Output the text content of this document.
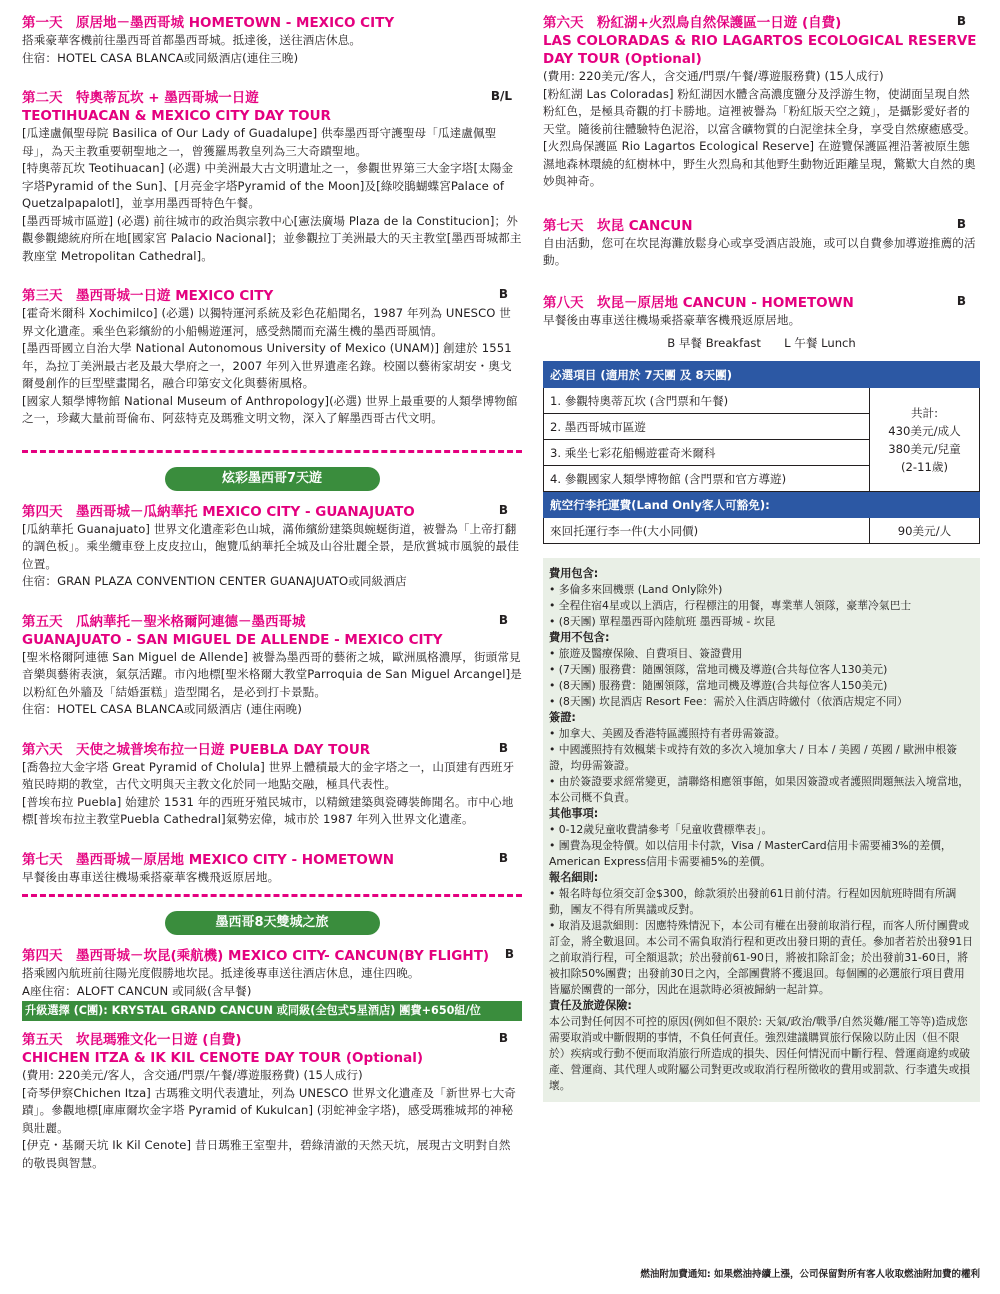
第一天　原居地－墨西哥城 HOMETOWN - MEXICO CITY

搭乘豪華客機前往墨西哥首都墨西哥城。抵達後，送往酒店休息。

住宿：HOTEL CASA BLANCA或同級酒店(連住三晚)

第二天　特奧蒂瓦坎 + 墨西哥城一日遊
TEOTIHUACAN & MEXICO CITY DAY TOUR
B/L

[瓜達盧佩聖母院 Basilica of Our Lady of Guadalupe] 供奉墨西哥守護聖母「瓜達盧佩聖母」，為天主教重要朝聖地之一，曾獲羅馬教皇列為三大奇蹟聖地。

[特奧蒂瓦坎 Teotihuacan] (必選) 中美洲最大古文明遺址之一，參觀世界第三大金字塔[太陽金字塔Pyramid of the Sun]、[月亮金字塔Pyramid of the Moon]及[綠咬鵑蝴蝶宮Palace of Quetzalpapalotl]，並享用墨西哥特色午餐。

[墨西哥城市區遊] (必選) 前往城市的政治與宗教中心[憲法廣場 Plaza de la Constitucion]；外觀參觀總統府所在地[國家宮 Palacio Nacional]；並參觀拉丁美洲最大的天主教堂[墨西哥城都主教座堂 Metropolitan Cathedral]。

第三天　墨西哥城一日遊 MEXICO CITY	B

[霍奇米爾科 Xochimilco] (必選) 以獨特運河系統及彩色花船聞名，1987 年列為 UNESCO 世界文化遺產。乘坐色彩繽紛的小船暢遊運河，感受熱鬧而充滿生機的墨西哥風情。

[墨西哥國立自治大學 National Autonomous University of Mexico (UNAM)] 創建於 1551 年，為拉丁美洲最古老及最大學府之一，2007 年列入世界遺產名錄。校園以藝術家胡安・奧戈爾曼創作的巨型壁畫聞名，融合印第安文化與藝術風格。

[國家人類學博物館 National Museum of Anthropology](必選) 世界上最重要的人類學博物館之一，珍藏大量前哥倫布、阿茲特克及瑪雅文明文物，深入了解墨西哥古代文明。

炫彩墨西哥7天遊
第四天　墨西哥城－瓜納華托 MEXICO CITY - GUANAJUATO	B

[瓜納華托 Guanajuato] 世界文化遺產彩色山城，滿佈繽紛建築與蜿蜒街道，被譽為「上帝打翻的調色板」。乘坐纜車登上皮皮拉山，飽覽瓜納華托全城及山谷壯麗全景，是欣賞城市風貌的最佳位置。

住宿：GRAN PLAZA CONVENTION CENTER GUANAJUATO或同級酒店

第五天　瓜納華托－聖米格爾阿連德－墨西哥城
GUANAJUATO - SAN MIGUEL DE ALLENDE - MEXICO CITY
B

[聖米格爾阿連德 San Miguel de Allende] 被譽為墨西哥的藝術之城，歐洲風格濃厚，街頭常見音樂與藝術表演，氣氛活躍。市內地標[聖米格爾大教堂Parroquia de San Miguel Arcangel]是以粉紅色外牆及「結婚蛋糕」造型聞名，是必到打卡景點。

住宿：HOTEL CASA BLANCA或同級酒店 (連住兩晚)

第六天　天使之城普埃布拉一日遊 PUEBLA DAY TOUR	B

[喬魯拉大金字塔 Great Pyramid of Cholula] 世界上體積最大的金字塔之一，山頂建有西班牙殖民時期的教堂，古代文明與天主教文化於同一地點交融，極具代表性。

[普埃布拉 Puebla] 始建於 1531 年的西班牙殖民城市，以精緻建築與瓷磚裝飾聞名。市中心地標[普埃布拉主教堂Puebla Cathedral]氣勢宏偉，城市於 1987 年列入世界文化遺產。

第七天　墨西哥城－原居地 MEXICO CITY - HOMETOWN	B

早餐後由專車送往機場乘搭豪華客機飛返原居地。

墨西哥8天雙城之旅
第四天　墨西哥城－坎昆(乘航機) MEXICO CITY- CANCUN(BY FLIGHT)	B

搭乘國內航班前往陽光度假勝地坎昆。抵達後專車送往酒店休息，連住四晚。

A座住宿：ALOFT CANCUN 或同級(含早餐)

升級選擇 (C團): KRYSTAL GRAND CANCUN 或同級(全包式5星酒店) 團費+650組/位
第五天　坎昆瑪雅文化一日遊 (自費)
CHICHEN ITZA & IK KIL CENOTE DAY TOUR (Optional)
B

(費用: 220美元/客人，含交通/門票/午餐/導遊服務費) (15人成行)

[奇琴伊察Chichen Itza] 古瑪雅文明代表遺址，列為 UNESCO 世界文化遺產及「新世界七大奇蹟」。參觀地標[庫庫爾坎金字塔 Pyramid of Kukulcan] (羽蛇神金字塔)，感受瑪雅城邦的神秘與壯麗。

[伊克・基爾天坑 Ik Kil Cenote] 昔日瑪雅王室聖井，碧綠清澈的天然天坑，展現古文明對自然的敬畏與智慧。

第六天　粉紅湖+火烈鳥自然保護區一日遊 (自費)
LAS COLORADAS & RIO LAGARTOS ECOLOGICAL RESERVE DAY TOUR (Optional)
B

(費用: 220美元/客人，含交通/門票/午餐/導遊服務費) (15人成行)

[粉紅湖 Las Coloradas] 粉紅湖因水體含高濃度鹽分及浮游生物，使湖面呈現自然粉紅色，是極具奇觀的打卡勝地。這裡被譽為「粉紅版天空之鏡」，是攝影愛好者的天堂。隨後前往體驗特色泥浴，以富含礦物質的白泥塗抹全身，享受自然療癒感受。

[火烈鳥保護區 Rio Lagartos Ecological Reserve] 在遊覽保護區裡沿著被原生態濕地森林環繞的紅樹林中，野生火烈鳥和其他野生動物近距離呈現，驚歎大自然的奧妙與神奇。

第七天　坎昆 CANCUN	B

自由活動，您可在坎昆海灘放鬆身心或享受酒店設施，或可以自費參加導遊推薦的活動。

第八天　坎昆－原居地 CANCUN - HOMETOWN	B

早餐後由專車送往機場乘搭豪華客機飛返原居地。

B 早餐 Breakfast　　L 午餐 Lunch
必選項目 (適用於 7天團 及 8天團)	
1. 參觀特奧蒂瓦坎 (含門票和午餐)	共計:
430美元/成人
380美元/兒童
(2-11歲)

2. 墨西哥城市區遊	
3. 乘坐七彩花船暢遊霍奇米爾科	
4. 參觀國家人類學博物館 (含門票和官方導遊)	
航空行李托運費(Land Only客人可豁免):	
來回托運行李一件(大小同價)	90美元/人
費用包含:

• 多倫多來回機票 (Land Only除外)

• 全程住宿4星或以上酒店，行程標注的用餐，專業華人領隊，豪華冷氣巴士

• (8天團) 單程墨西哥內陸航班 墨西哥城 - 坎昆

費用不包含:

• 旅遊及醫療保險、自費項目、簽證費用

• (7天團) 服務費：隨團領隊，當地司機及導遊(合共每位客人130美元)

• (8天團) 服務費：隨團領隊，當地司機及導遊(合共每位客人150美元)

• (8天團) 坎昆酒店 Resort Fee：需於入住酒店時繳付（依酒店規定不同）

簽證:

• 加拿大、美國及香港特區護照持有者毋需簽證。

• 中國護照持有效楓葉卡或持有效的多次入境加拿大 / 日本 / 美國 / 英國 / 歐洲申根簽證，均毋需簽證。

• 由於簽證要求經常變更，請聯絡相應領事館，如果因簽證或者護照問題無法入境當地，本公司概不負責。

其他事項:

• 0-12歲兒童收費請參考「兒童收費標準表」。

• 團費為現金特價。如以信用卡付款，Visa / MasterCard信用卡需要補3%的差價，American Express信用卡需要補5%的差價。

報名細則:

• 報名時每位須交訂金$300，餘款須於出發前61日前付清。行程如因航班時間有所調動，團友不得有所異議或反對。

• 取消及退款細則：因應特殊情況下，本公司有權在出發前取消行程，而客人所付團費或訂金，將全數退回。本公司不需負取消行程和更改出發日期的責任。參加者若於出發91日之前取消行程，可全額退款；於出發前61-90日，將被扣除訂金；於出發前31-60日，將被扣除50%團費；出發前30日之內，全部團費將不獲退回。每個團的必選旅行項目費用皆屬於團費的一部分，因此在退款時必須被歸納一起計算。

責任及旅遊保險:

本公司對任何因不可控的原因(例如但不限於: 天氣/政治/戰爭/自然災難/罷工等等)造成您需要取消或中斷假期的事情，不負任何責任。強烈建議購買旅行保險以防止因（但不限於）疾病或行動不便而取消旅行所造成的損失、因任何情況而中斷行程、營運商違約或破產、營運商、其代理人或附屬公司對更改或取消行程所徵收的費用或罰款、行李遺失或損壞。

燃油附加費通知: 如果燃油持續上漲，公司保留對所有客人收取燃油附加費的權利
